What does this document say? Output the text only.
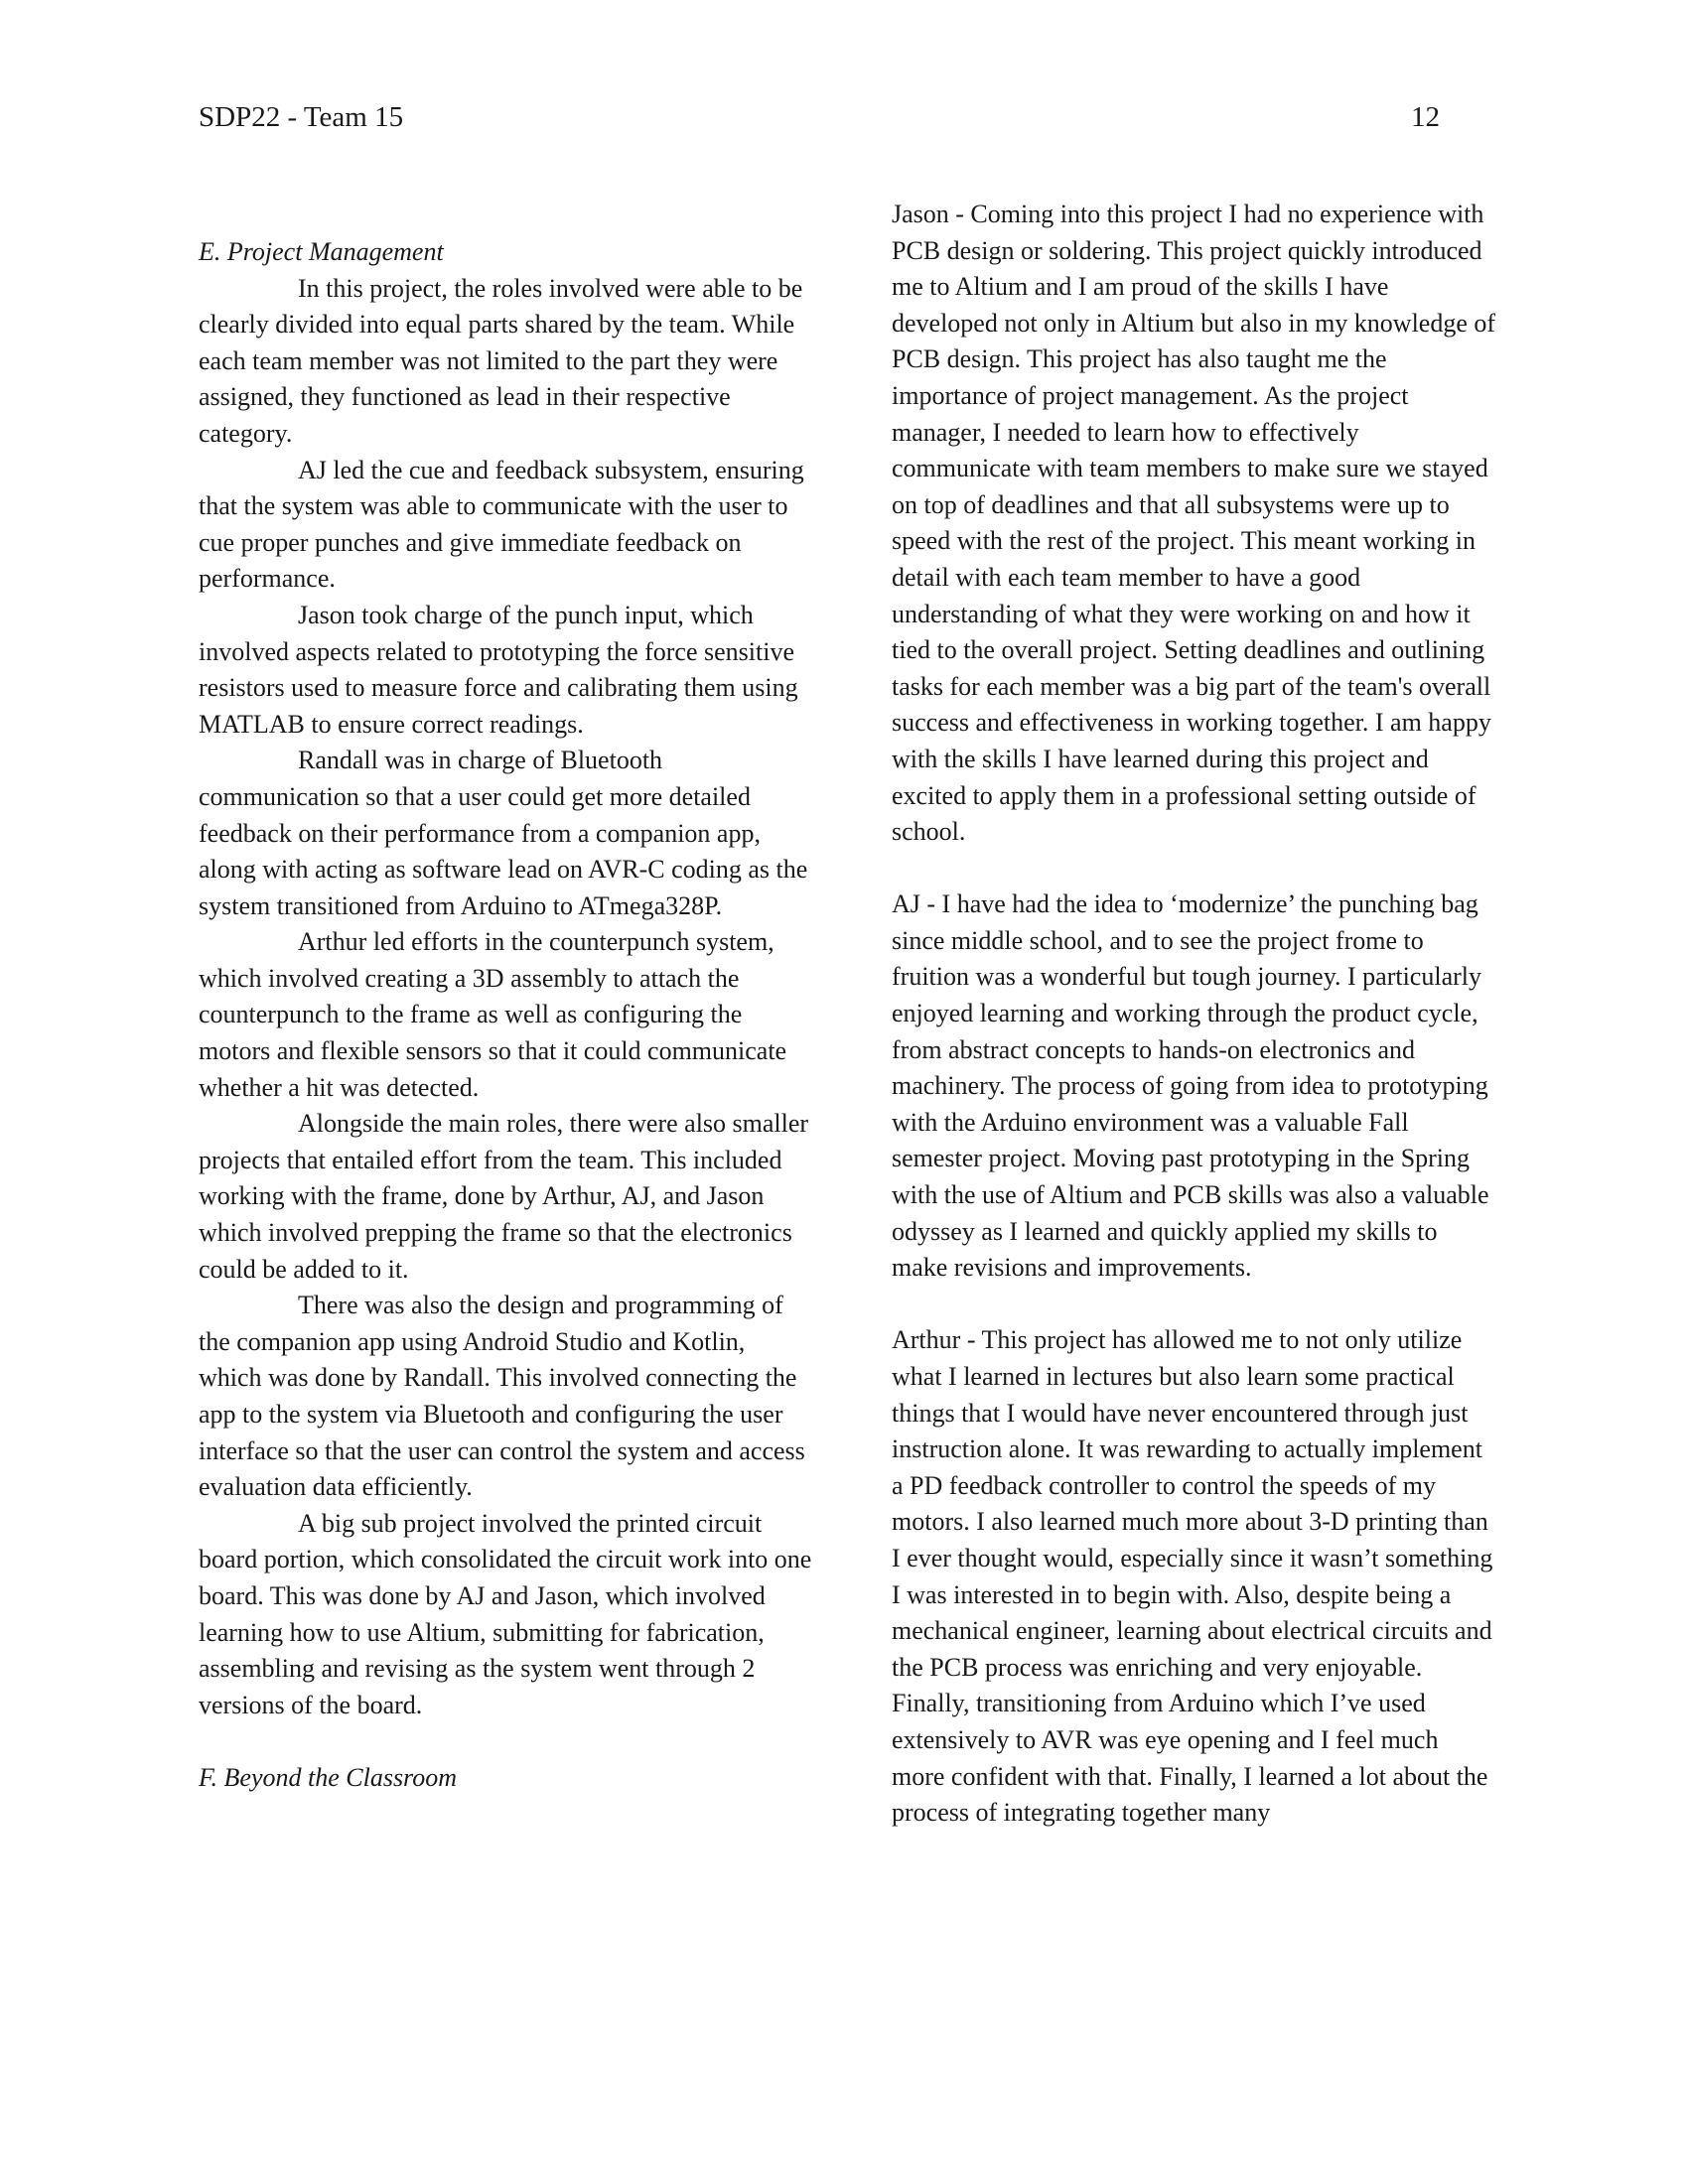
SDP22 - Team 15	12

E. Project Management

In this project, the roles involved were able to be clearly divided into equal parts shared by the team. While each team member was not limited to the part they were assigned, they functioned as lead in their respective category.

AJ led the cue and feedback subsystem, ensuring that the system was able to communicate with the user to cue proper punches and give immediate feedback on performance.

Jason took charge of the punch input, which involved aspects related to prototyping the force sensitive resistors used to measure force and calibrating them using MATLAB to ensure correct readings.

Randall was in charge of Bluetooth communication so that a user could get more detailed feedback on their performance from a companion app, along with acting as software lead on AVR-C coding as the system transitioned from Arduino to ATmega328P.

Arthur led efforts in the counterpunch system, which involved creating a 3D assembly to attach the counterpunch to the frame as well as configuring the motors and flexible sensors so that it could communicate whether a hit was detected.

Alongside the main roles, there were also smaller projects that entailed effort from the team. This included working with the frame, done by Arthur, AJ, and Jason which involved prepping the frame so that the electronics could be added to it.

There was also the design and programming of the companion app using Android Studio and Kotlin, which was done by Randall. This involved connecting the app to the system via Bluetooth and configuring the user interface so that the user can control the system and access evaluation data efficiently.

A big sub project involved the printed circuit board portion, which consolidated the circuit work into one board. This was done by AJ and Jason, which involved learning how to use Altium, submitting for fabrication, assembling and revising as the system went through 2 versions of the board.

F. Beyond the Classroom

Jason - Coming into this project I had no experience with PCB design or soldering. This project quickly introduced me to Altium and I am proud of the skills I have developed not only in Altium but also in my knowledge of PCB design. This project has also taught me the importance of project management. As the project manager, I needed to learn how to effectively communicate with team members to make sure we stayed on top of deadlines and that all subsystems were up to speed with the rest of the project. This meant working in detail with each team member to have a good understanding of what they were working on and how it tied to the overall project. Setting deadlines and outlining tasks for each member was a big part of the team's overall success and effectiveness in working together. I am happy with the skills I have learned during this project and excited to apply them in a professional setting outside of school.

AJ - I have had the idea to ‘modernize’ the punching bag since middle school, and to see the project frome to fruition was a wonderful but tough journey. I particularly enjoyed learning and working through the product cycle, from abstract concepts to hands-on electronics and machinery. The process of going from idea to prototyping with the Arduino environment was a valuable Fall semester project. Moving past prototyping in the Spring with the use of Altium and PCB skills was also a valuable odyssey as I learned and quickly applied my skills to make revisions and improvements.

Arthur - This project has allowed me to not only utilize what I learned in lectures but also learn some practical things that I would have never encountered through just instruction alone. It was rewarding to actually implement a PD feedback controller to control the speeds of my motors. I also learned much more about 3-D printing than I ever thought would, especially since it wasn’t something I was interested in to begin with. Also, despite being a mechanical engineer, learning about electrical circuits and the PCB process was enriching and very enjoyable. Finally, transitioning from Arduino which I’ve used extensively to AVR was eye opening and I feel much more confident with that. Finally, I learned a lot about the process of integrating together many
